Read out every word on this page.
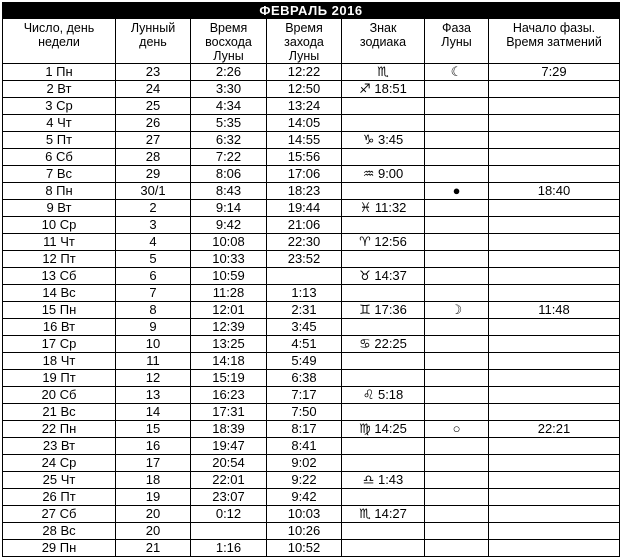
ФЕВРАЛЬ 2016						

Число, день
недели	Лунный
день	Время
восхода
Луны	Время
захода
Луны	Знак
зодиака	Фаза
Луны	Начало фазы.
Время затмений

1 Пн	23	2:26	12:22	♏	☾	7:29
2 Вт	24	3:30	12:50	♐ 18:51		
3 Ср	25	4:34	13:24			
4 Чт	26	5:35	14:05			
5 Пт	27	6:32	14:55	♑ 3:45		
6 Сб	28	7:22	15:56			
7 Вс	29	8:06	17:06	♒ 9:00		
8 Пн	30/1	8:43	18:23		●	18:40
9 Вт	2	9:14	19:44	♓ 11:32		
10 Ср	3	9:42	21:06			
11 Чт	4	10:08	22:30	♈ 12:56		
12 Пт	5	10:33	23:52			
13 Сб	6	10:59		♉ 14:37		
14 Вс	7	11:28	1:13			
15 Пн	8	12:01	2:31	♊ 17:36	☽	11:48
16 Вт	9	12:39	3:45			
17 Ср	10	13:25	4:51	♋ 22:25		
18 Чт	11	14:18	5:49			
19 Пт	12	15:19	6:38			
20 Сб	13	16:23	7:17	♌ 5:18		
21 Вс	14	17:31	7:50			
22 Пн	15	18:39	8:17	♍ 14:25	○	22:21
23 Вт	16	19:47	8:41			
24 Ср	17	20:54	9:02			
25 Чт	18	22:01	9:22	♎ 1:43		
26 Пт	19	23:07	9:42			
27 Сб	20	0:12	10:03	♏ 14:27		
28 Вс	20		10:26			
29 Пн	21	1:16	10:52			
